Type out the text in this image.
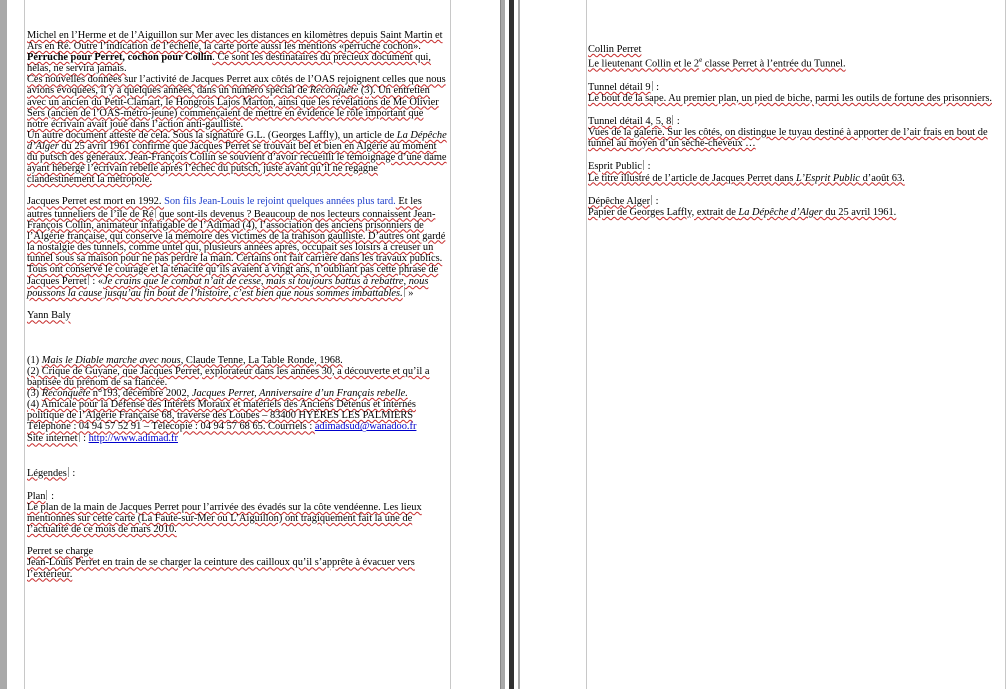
Michel en l’Herme et de l’Aiguillon sur Mer avec les distances en kilomètres depuis Saint Martin et Ars en Ré. Outre l’indication de l’échelle, la carte porte aussi les mentions «pérruche cochon». Pérruche pour Perret, cochon pour Collin. Ce sont les destinataires du précieux document qui, hélas, ne servira jamais.

Ces nouvelles données sur l’activité de Jacques Perret aux côtés de l’OAS rejoignent celles que nous avions évoquées, il y a quelques années, dans un numéro spécial de Reconquête (3). Un entretien avec un ancien du Petit-Clamart, le Hongrois Lajos Marton, ainsi que les révélations de Me Olivier Sers (ancien de l’OAS-métro-jeune) commençaient de mettre en évidence le rôle important que notre écrivain avait joué dans l’action anti-gaulliste.

Un autre document atteste de cela. Sous la signature G.L. (Georges Laffly), un article de La Dépêche d’Alger du 25 avril 1961 confirme que Jacques Perret se trouvait bel et bien en Algérie au moment du putsch des généraux. Jean-François Collin se souvient d’avoir recueilli le témoignage d’une dame ayant hébergé l’écrivain rebelle après l’échec du putsch, juste avant qu’il ne regagne clandestinement la métropole.

Jacques Perret est mort en 1992. Son fils Jean-Louis le rejoint quelques années plus tard. Et les autres tunneliers de l’île de Ré que sont-ils devenus ? Beaucoup de nos lecteurs connaissent Jean-François Collin, animateur infatigable de l’Adimad (4), l’association des anciens prisonniers de l’Algérie française, qui conserve la mémoire des victimes de la trahison gaulliste. D’autres ont gardé la nostalgie des tunnels, comme untel qui, plusieurs années après, occupait ses loisirs à creuser un tunnel sous sa maison pour ne pas perdre la main. Certains ont fait carrière dans les travaux publics.

Tous ont conservé le courage et la ténacité qu’ils avaient à vingt ans, n’oubliant pas cette phrase de Jacques Perret : «Je crains que le combat n’ait de cesse, mais si toujours battus à rebattre, nous poussons la cause jusqu’au fin bout de l’histoire, c’est bien que nous sommes imbattables. »

Yann Baly

(1) Mais le Diable marche avec nous, Claude Tenne, La Table Ronde, 1968.

(2) Crique de Guyane, que Jacques Perret, explorateur dans les années 30, a découverte et qu’il a baptisée du prénom de sa fiancée.

(3) Reconquête n°193, décembre 2002, Jacques Perret, Anniversaire d’un Français rebelle.

(4) Amicale pour la Défense des Intérêts Moraux et matériels des Anciens Détenus et internés politique de l’Algérie Française 68, traverse des Loubes – 83400 HYÈRES LES PALMIERS Téléphone : 04 94 57 52 91 – Télécopie : 04 94 57 68 65. Courriels : adimadsud@wanadoo.fr

Site internet : http://www.adimad.fr

Légendes :

Plan :

Le plan de la main de Jacques Perret pour l’arrivée des évadés sur la côte vendéenne. Les lieux mentionnés sur cette carte (La Faute-sur-Mer ou L’Aiguillon) ont tragiquement fait la une de l’actualité de ce mois de mars 2010.

Perret se charge

Jean-Louis Perret en train de se charger la ceinture des cailloux qu’il s’apprête à évacuer vers l’extérieur.

Collin Perret

Le lieutenant Collin et le 2e classe Perret à l’entrée du Tunnel.

Tunnel détail 9 :

Le bout de la sape. Au premier plan, un pied de biche, parmi les outils de fortune des prisonniers.

Tunnel détail 4, 5, 8 :

Vues de la galerie. Sur les côtés, on distingue le tuyau destiné à apporter de l’air frais en bout de tunnel au moyen d’un sèche-cheveux …

Esprit Public :

Le titre illustré de l’article de Jacques Perret dans L’Esprit Public d’août 63.

Dépêche Alger :

Papier de Georges Laffly, extrait de La Dépêche d’Alger du 25 avril 1961.
